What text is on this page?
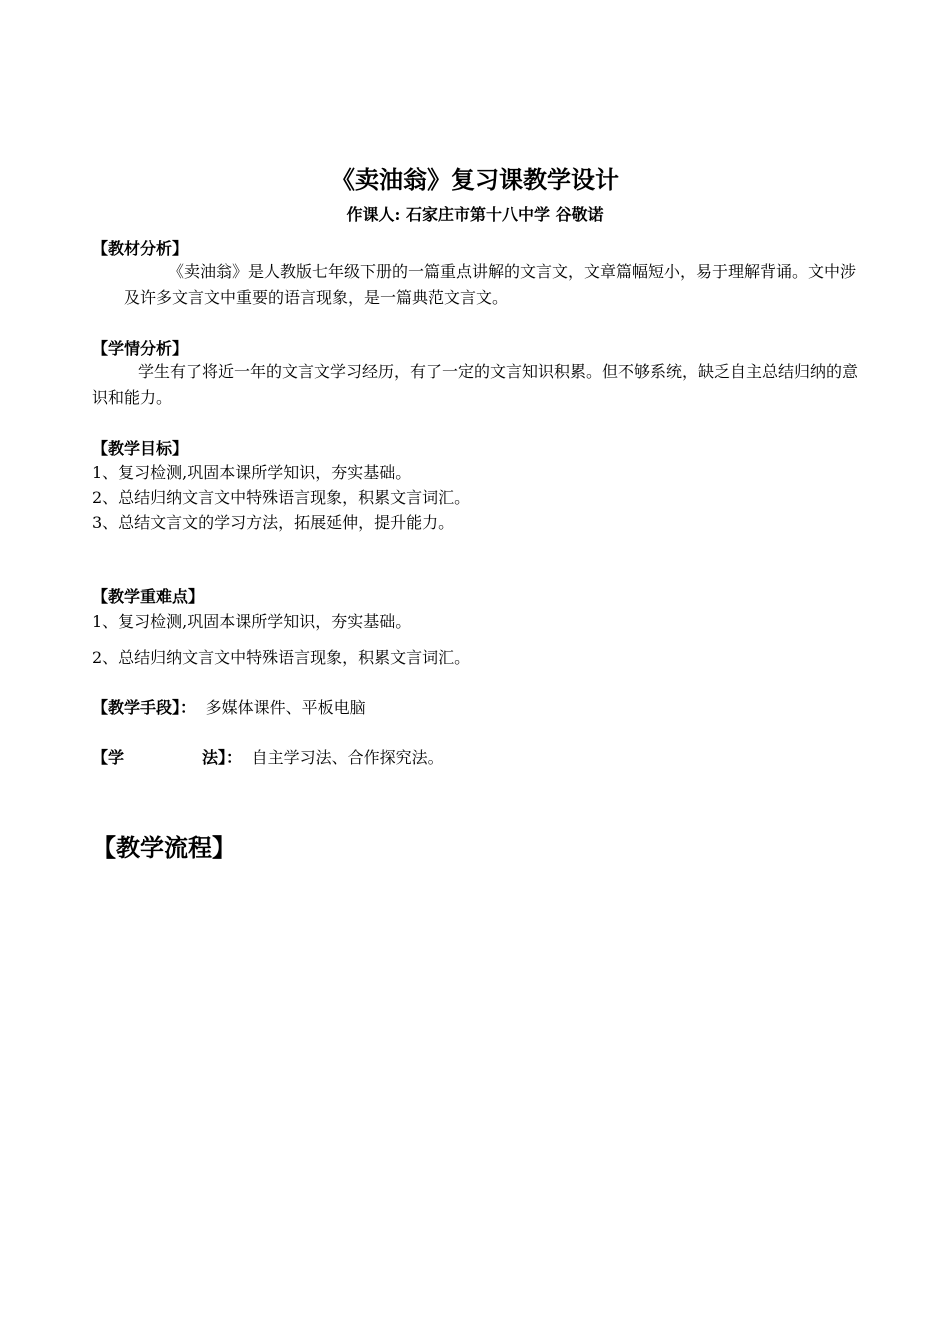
《卖油翁》复习课教学设计
作课人: 石家庄市第十八中学 谷敬诺
【教材分析】
《卖油翁》是人教版七年级下册的一篇重点讲解的文言文，文章篇幅短小，易于理解背诵。文中涉及许多文言文中重要的语言现象，是一篇典范文言文。
【学情分析】
学生有了将近一年的文言文学习经历，有了一定的文言知识积累。但不够系统，缺乏自主总结归纳的意识和能力。
【教学目标】
1、复习检测,巩固本课所学知识，夯实基础。
2、总结归纳文言文中特殊语言现象，积累文言词汇。
3、总结文言文的学习方法，拓展延伸，提升能力。
【教学重难点】
1、复习检测,巩固本课所学知识，夯实基础。
2、总结归纳文言文中特殊语言现象，积累文言词汇。
【教学手段】： 多媒体课件、平板电脑
【学	法】： 自主学习法、合作探究法。
【教学流程】
